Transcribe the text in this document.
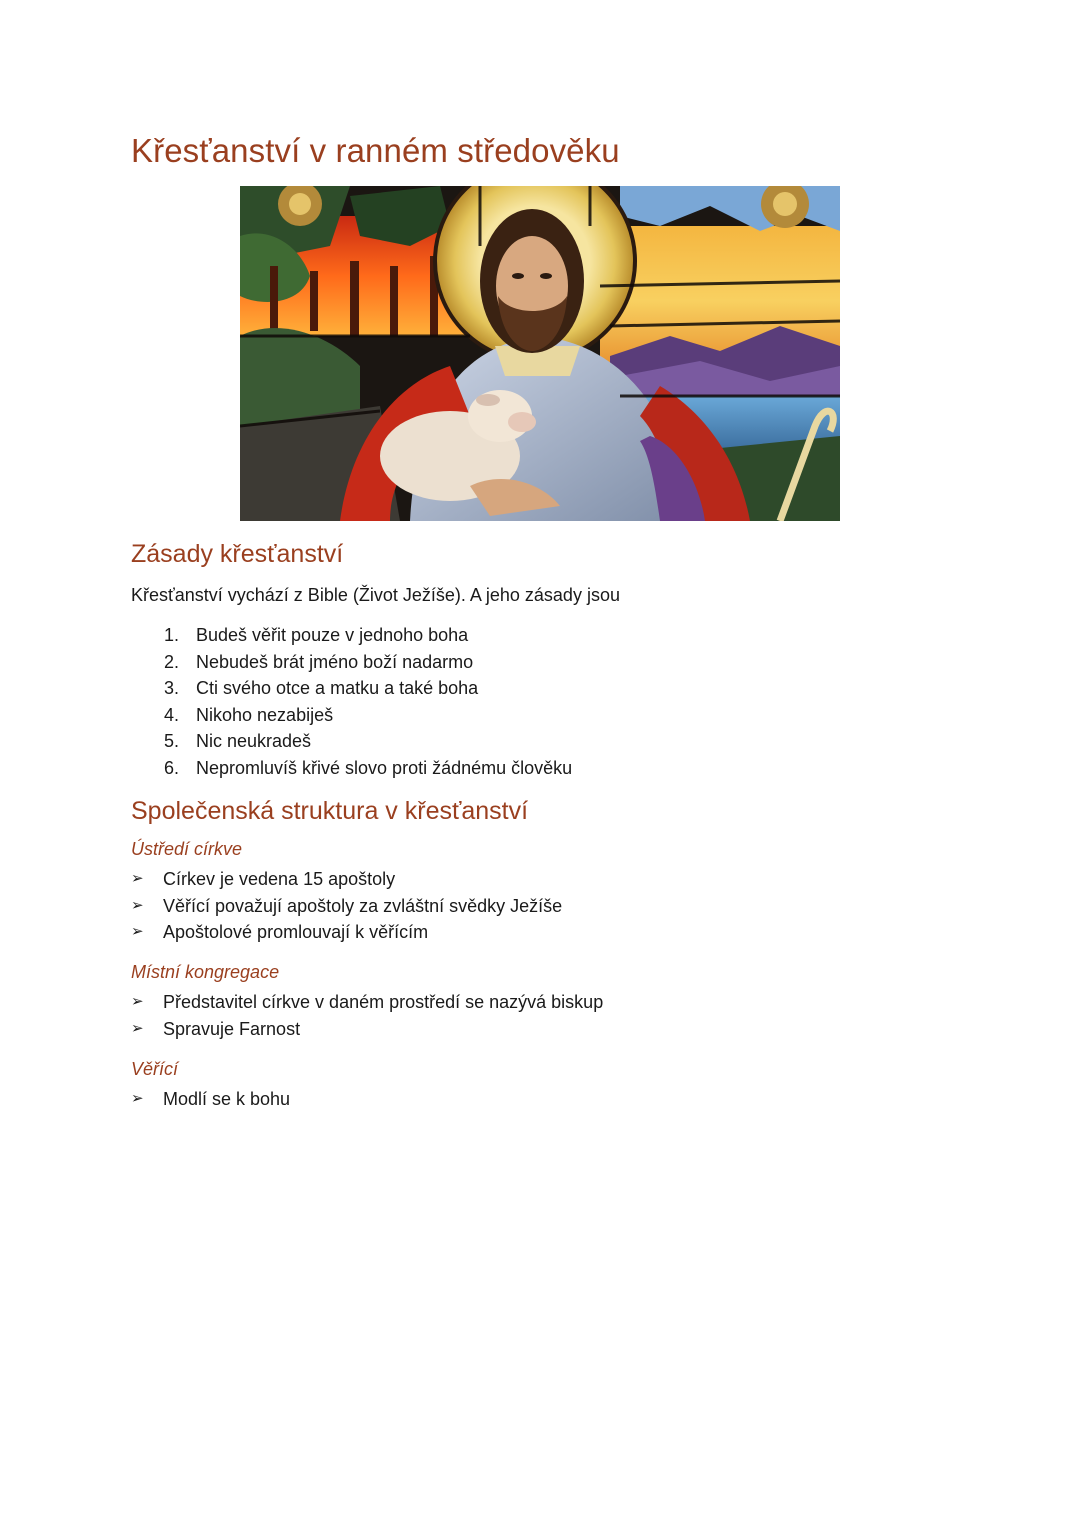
Křesťanství v ranném středověku
Zásady křesťanství

Křesťanství vychází z Bible (Život Ježíše). A jeho zásady jsou

1. Budeš věřit pouze v jednoho boha
2. Nebudeš brát jméno boží nadarmo
3. Cti svého otce a matku a také boha
4. Nikoho nezabiješ
5. Nic neukradeš
6. Nepromluvíš křivé slovo proti žádnému člověku
Společenská struktura v křesťanství
Ústředí církve
➢ Církev je vedena 15 apoštoly
➢ Věřící považují apoštoly za zvláštní svědky Ježíše
➢ Apoštolové promlouvají k věřícím
Místní kongregace
➢ Představitel církve v daném prostředí se nazývá biskup
➢ Spravuje Farnost
Věřící
➢ Modlí se k bohu
